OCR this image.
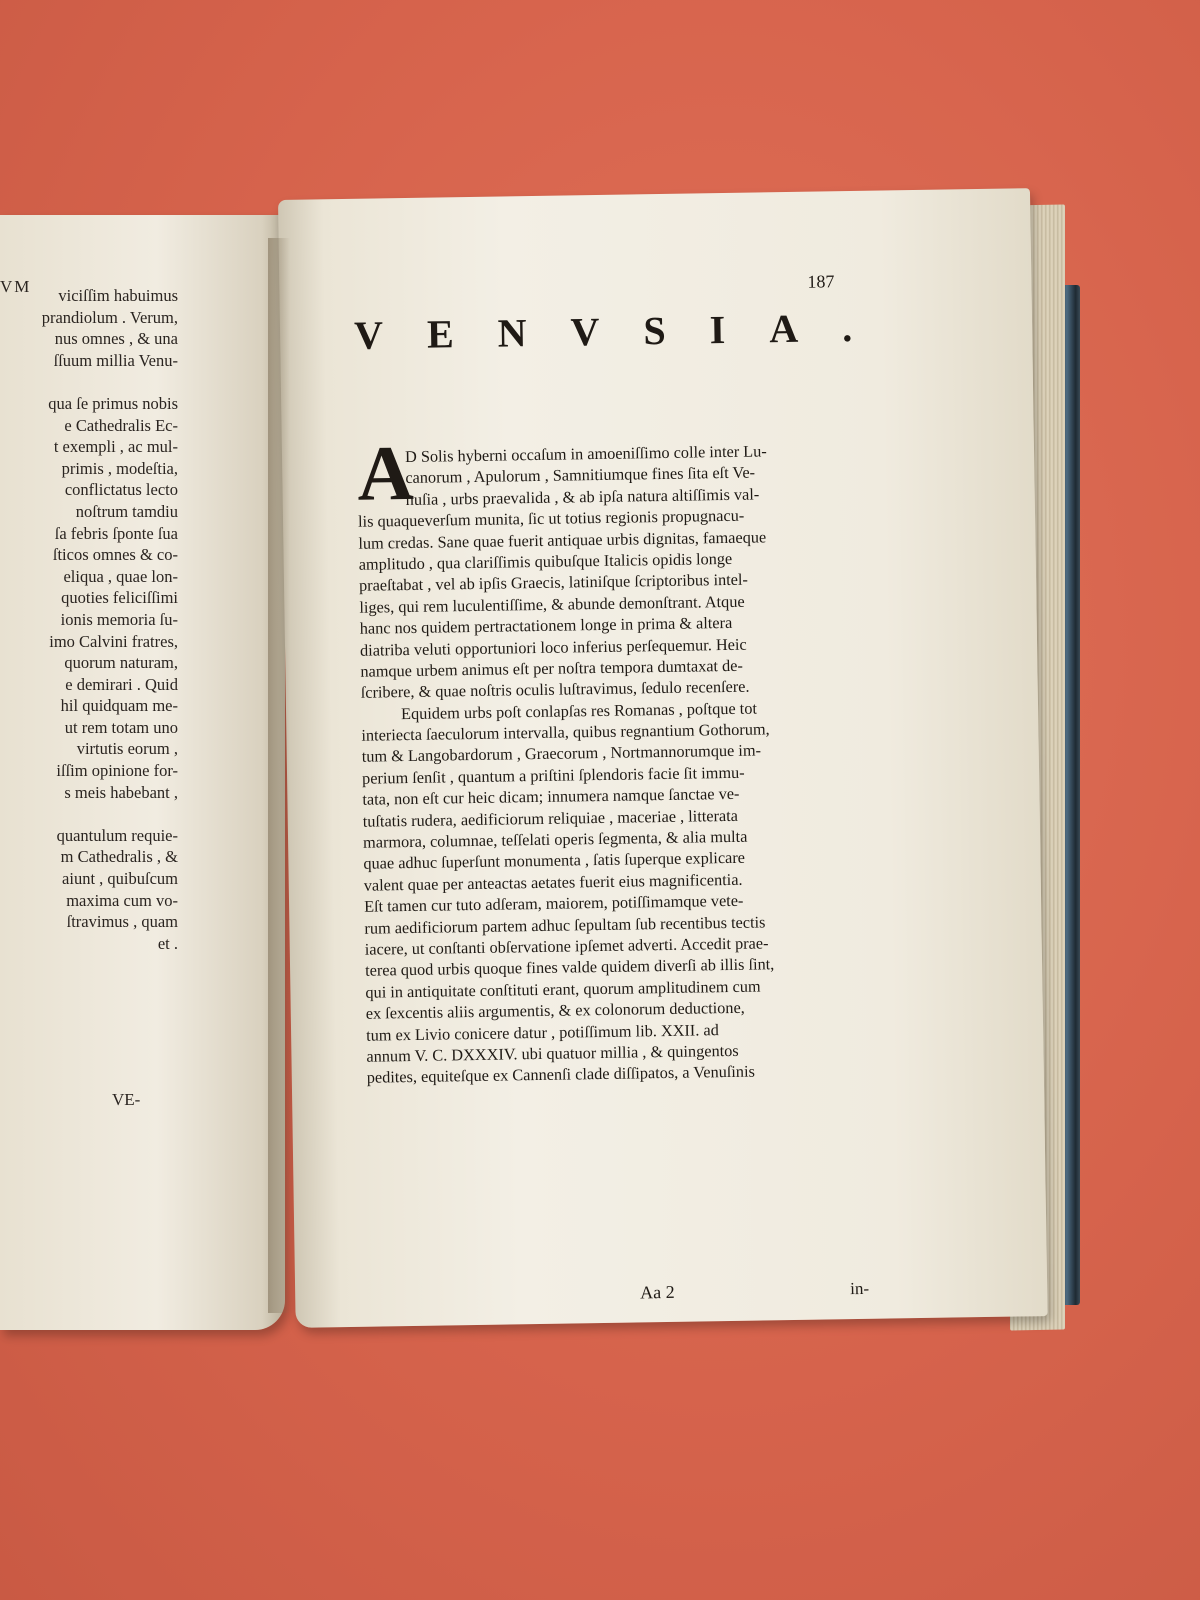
VM	viciſſim habuimus
prandiolum . Verum,
nus omnes , & una
ſſuum millia Venu-
qua ſe primus nobis
e Cathedralis Ec-
t exempli , ac mul-
primis , modeſtia,
conflictatus lecto
noſtrum tamdiu
ſa febris ſponte ſua
ſticos omnes & co-
eliqua , quae lon-
quoties feliciſſimi
ionis memoria ſu-
imo Calvini fratres,
quorum naturam,
e demirari . Quid
hil quidquam me-
ut rem totam uno
virtutis eorum ,
iſſim opinione for-
s meis habebant ,
quantulum requie-
m Cathedralis , &
aiunt , quibuſcum
maxima cum vo-
ſtravimus , quam
et .
VE-
187
VENVSIA.
A
D Solis hyberni occaſum in amoeniſſimo colle inter Lu-
canorum , Apulorum , Samnitiumque fines ſita eſt Ve-
nuſia , urbs praevalida , & ab ipſa natura altiſſimis val-
lis quaqueverſum munita, ſic ut totius regionis propugnacu-
lum credas. Sane quae fuerit antiquae urbis dignitas, famaeque
amplitudo , qua clariſſimis quibuſque Italicis opidis longe
praeſtabat , vel ab ipſis Graecis, latiniſque ſcriptoribus intel-
liges, qui rem luculentiſſime, & abunde demonſtrant. Atque
hanc nos quidem pertractationem longe in prima & altera
diatriba veluti opportuniori loco inferius perſequemur. Heic
namque urbem animus eſt per noſtra tempora dumtaxat de-
ſcribere, & quae noſtris oculis luſtravimus, ſedulo recenſere.
Equidem urbs poſt conlapſas res Romanas , poſtque tot
interiecta ſaeculorum intervalla, quibus regnantium Gothorum,
tum & Langobardorum , Graecorum , Nortmannorumque im-
perium ſenſit , quantum a priſtini ſplendoris facie ſit immu-
tata, non eſt cur heic dicam; innumera namque ſanctae ve-
tuſtatis rudera, aedificiorum reliquiae , maceriae , litterata
marmora, columnae, teſſelati operis ſegmenta, & alia multa
quae adhuc ſuperſunt monumenta , ſatis ſuperque explicare
valent quae per anteactas aetates fuerit eius magnificentia.
Eſt tamen cur tuto adſeram, maiorem, potiſſimamque vete-
rum aedificiorum partem adhuc ſepultam ſub recentibus tectis
iacere, ut conſtanti obſervatione ipſemet adverti. Accedit prae-
terea quod urbis quoque fines valde quidem diverſi ab illis ſint,
qui in antiquitate conſtituti erant, quorum amplitudinem cum
ex ſexcentis aliis argumentis, & ex colonorum deductione,
tum ex Livio conicere datur , potiſſimum lib. XXII. ad
annum V. C. DXXXIV. ubi quatuor millia , & quingentos
pedites, equiteſque ex Cannenſi clade diſſipatos, a Venuſinis
Aa 2	in-
